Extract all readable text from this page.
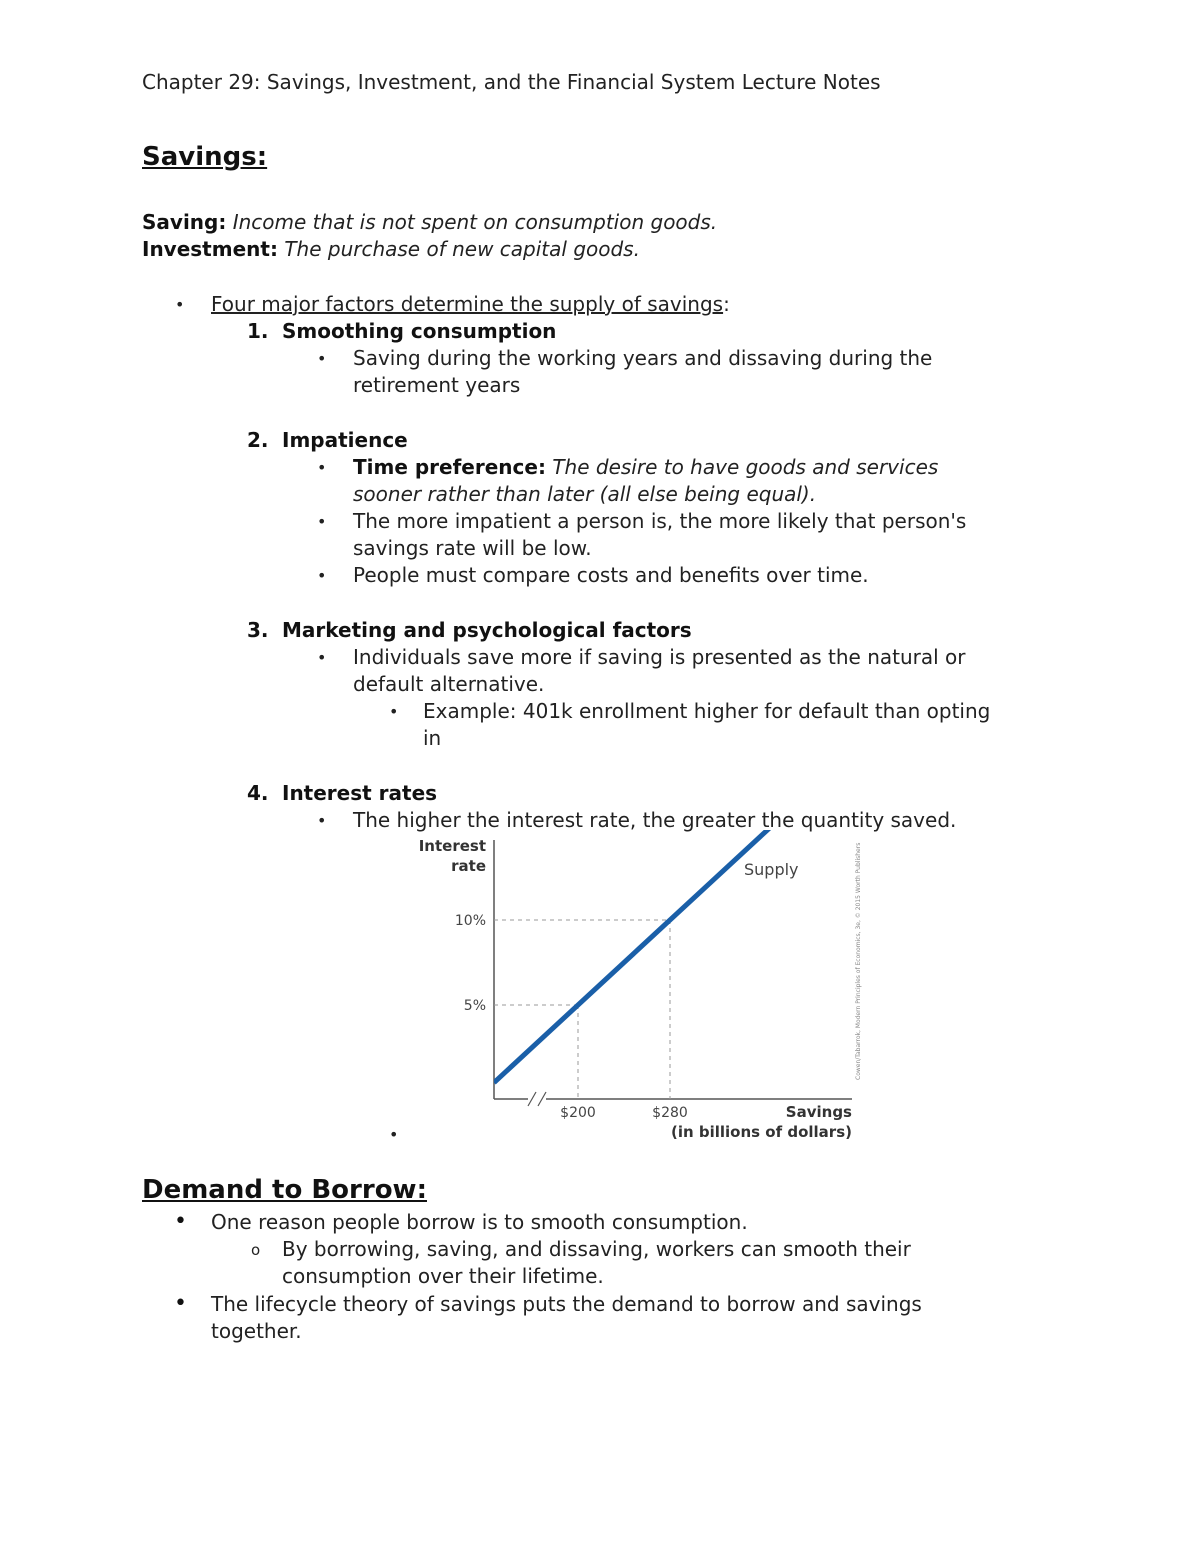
Chapter 29: Savings, Investment, and the Financial System Lecture Notes
Savings:
Saving: Income that is not spent on consumption goods.
Investment: The purchase of new capital goods.
• Four major factors determine the supply of savings:
1. Smoothing consumption
• Saving during the working years and dissaving during the
retirement years
2. Impatience
• Time preference: The desire to have goods and services
sooner rather than later (all else being equal).
• The more impatient a person is, the more likely that person's
savings rate will be low.
• People must compare costs and benefits over time.
3. Marketing and psychological factors
• Individuals save more if saving is presented as the natural or
default alternative.
• Example: 401k enrollment higher for default than opting
in
4. Interest rates
• The higher the interest rate, the greater the quantity saved.
Interest
rate
Savings
(in billions of dollars)
5%
10%
$200	$280
Supply	Cowen/Tabarrok, Modern Principles of Economics, 3e, © 2015 Worth Publishers
•
Demand to Borrow:
• One reason people borrow is to smooth consumption.
o By borrowing, saving, and dissaving, workers can smooth their
consumption over their lifetime.
• The lifecycle theory of savings puts the demand to borrow and savings
together.
